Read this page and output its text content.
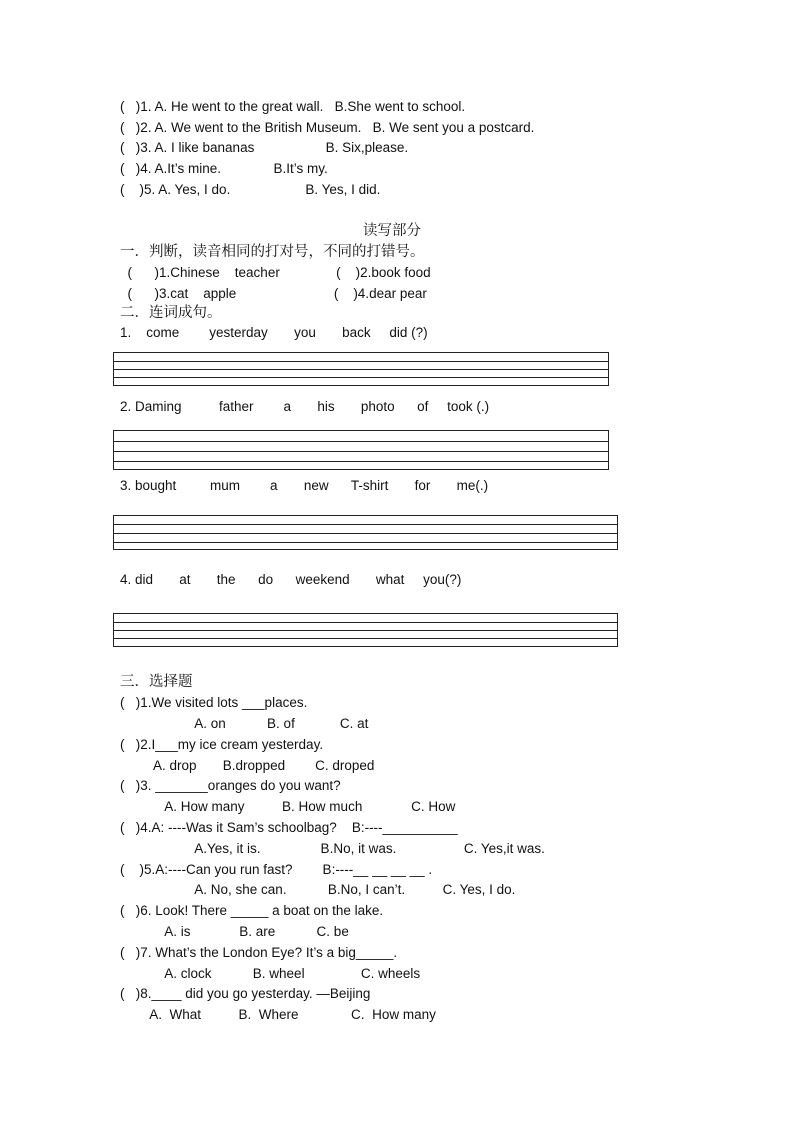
(   )1. A. He went to the great wall.   B.She went to school.
(   )2. A. We went to the British Museum.   B. We sent you a postcard.
(   )3. A. I like bananas                   B. Six,please.
(   )4. A.It’s mine.              B.It’s my.
(    )5. A. Yes, I do.                    B. Yes, I did.
读写部分
一．判断，读音相同的打对号，不同的打错号。
(      )1.Chinese    teacher               (    )2.book food
(      )3.cat    apple                          (    )4.dear pear
二．连词成句。
1.    come        yesterday       you       back     did (?)
2. Daming          father        a       his       photo      of     took (.)
3. bought         mum        a       new      T-shirt       for       me(.)
4. did       at       the      do      weekend       what     you(?)
三．选择题
(   )1.We visited lots ___places.
A. on           B. of            C. at
(   )2.I___my ice cream yesterday.
A. drop       B.dropped        C. droped
(   )3. _______oranges do you want?
A. How many          B. How much             C. How
(   )4.A: ----Was it Sam’s schoolbag?    B:----__________
A.Yes, it is.                B.No, it was.                  C. Yes,it was.
(    )5.A:----Can you run fast?        B:----__ __ __ __ .
A. No, she can.           B.No, I can’t.          C. Yes, I do.
(   )6. Look! There _____ a boat on the lake.
A. is             B. are           C. be
(   )7. What’s the London Eye? It’s a big_____.
A. clock           B. wheel               C. wheels
(   )8.____ did you go yesterday. —Beijing
A.  What          B.  Where              C.  How many
